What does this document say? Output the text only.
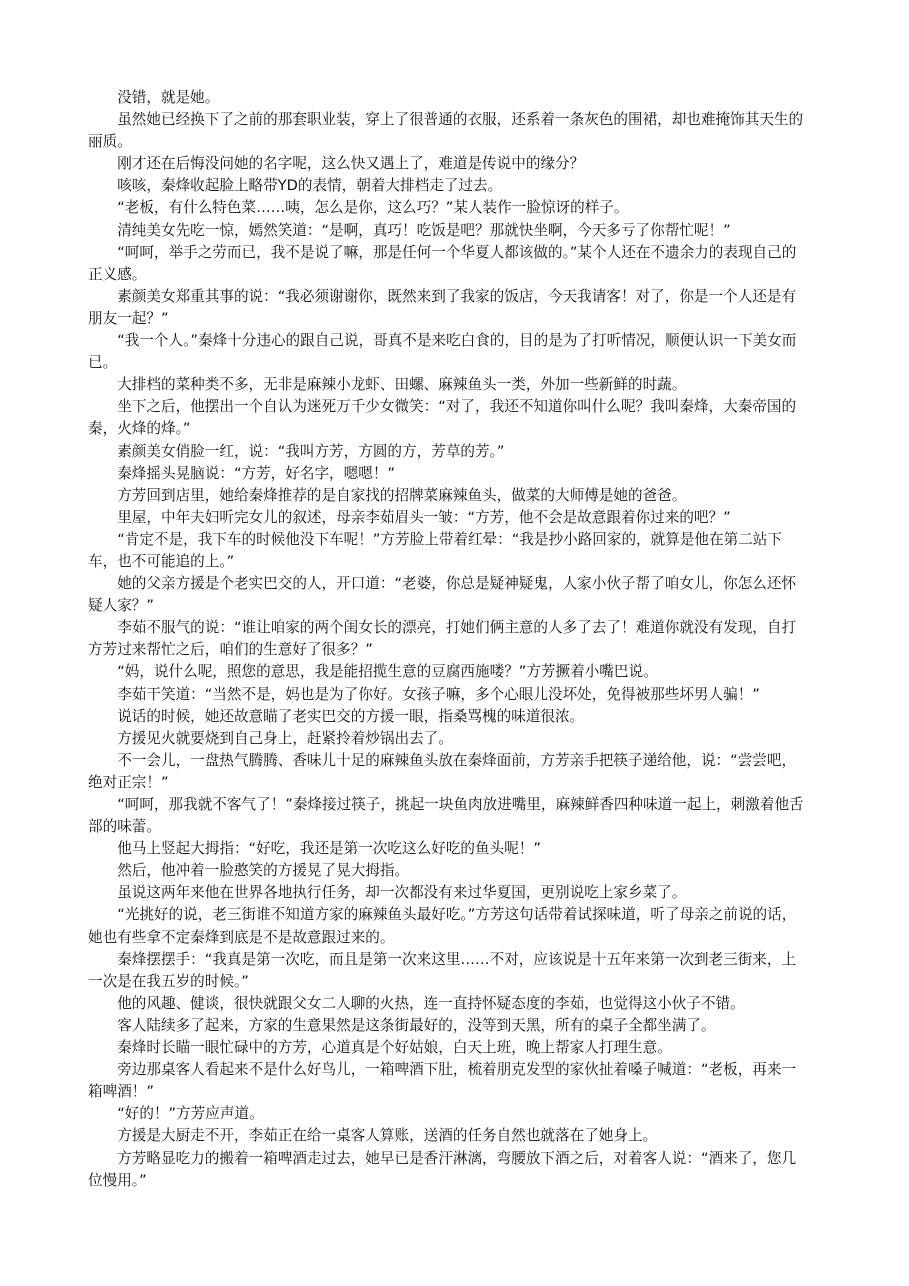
没错，就是她。

虽然她已经换下了之前的那套职业装，穿上了很普通的衣服，还系着一条灰色的围裙，却也难掩饰其天生的丽质。

刚才还在后悔没问她的名字呢，这么快又遇上了，难道是传说中的缘分？

咳咳，秦烽收起脸上略带YD的表情，朝着大排档走了过去。

“老板，有什么特色菜……咦，怎么是你，这么巧？”某人装作一脸惊讶的样子。

清纯美女先吃一惊，嫣然笑道：“是啊，真巧！吃饭是吧？那就快坐啊，今天多亏了你帮忙呢！”

“呵呵，举手之劳而已，我不是说了嘛，那是任何一个华夏人都该做的。”某个人还在不遗余力的表现自己的正义感。

素颜美女郑重其事的说：“我必须谢谢你，既然来到了我家的饭店，今天我请客！对了，你是一个人还是有朋友一起？”

“我一个人。”秦烽十分违心的跟自己说，哥真不是来吃白食的，目的是为了打听情况，顺便认识一下美女而已。

大排档的菜种类不多，无非是麻辣小龙虾、田螺、麻辣鱼头一类，外加一些新鲜的时蔬。

坐下之后，他摆出一个自认为迷死万千少女微笑：“对了，我还不知道你叫什么呢？我叫秦烽，大秦帝国的秦，火烽的烽。”

素颜美女俏脸一红，说：“我叫方芳，方圆的方，芳草的芳。”

秦烽摇头晃脑说：“方芳，好名字，嗯嗯！”

方芳回到店里，她给秦烽推荐的是自家找的招牌菜麻辣鱼头，做菜的大师傅是她的爸爸。

里屋，中年夫妇听完女儿的叙述，母亲李茹眉头一皱：“方芳，他不会是故意跟着你过来的吧？”

“肯定不是，我下车的时候他没下车呢！”方芳脸上带着红晕：“我是抄小路回家的，就算是他在第二站下车，也不可能追的上。”

她的父亲方援是个老实巴交的人，开口道：“老婆，你总是疑神疑鬼，人家小伙子帮了咱女儿，你怎么还怀疑人家？”

李茹不服气的说：“谁让咱家的两个闺女长的漂亮，打她们俩主意的人多了去了！难道你就没有发现，自打方芳过来帮忙之后，咱们的生意好了很多？”

“妈，说什么呢，照您的意思，我是能招揽生意的豆腐西施喽？”方芳撅着小嘴巴说。

李茹干笑道：“当然不是，妈也是为了你好。女孩子嘛，多个心眼儿没坏处，免得被那些坏男人骗！”

说话的时候，她还故意瞄了老实巴交的方援一眼，指桑骂槐的味道很浓。

方援见火就要烧到自己身上，赶紧拎着炒锅出去了。

不一会儿，一盘热气腾腾、香味儿十足的麻辣鱼头放在秦烽面前，方芳亲手把筷子递给他，说：“尝尝吧，绝对正宗！”

“呵呵，那我就不客气了！”秦烽接过筷子，挑起一块鱼肉放进嘴里，麻辣鲜香四种味道一起上，刺激着他舌部的味蕾。

他马上竖起大拇指：“好吃，我还是第一次吃这么好吃的鱼头呢！”

然后，他冲着一脸憨笑的方援晃了晃大拇指。

虽说这两年来他在世界各地执行任务，却一次都没有来过华夏国，更别说吃上家乡菜了。

“光挑好的说，老三街谁不知道方家的麻辣鱼头最好吃。”方芳这句话带着试探味道，听了母亲之前说的话，她也有些拿不定秦烽到底是不是故意跟过来的。

秦烽摆摆手：“我真是第一次吃，而且是第一次来这里……不对，应该说是十五年来第一次到老三街来，上一次是在我五岁的时候。”

他的风趣、健谈，很快就跟父女二人聊的火热，连一直持怀疑态度的李茹，也觉得这小伙子不错。

客人陆续多了起来，方家的生意果然是这条街最好的，没等到天黑，所有的桌子全都坐满了。

秦烽时长瞄一眼忙碌中的方芳，心道真是个好姑娘，白天上班，晚上帮家人打理生意。

旁边那桌客人看起来不是什么好鸟儿，一箱啤酒下肚，梳着朋克发型的家伙扯着嗓子喊道：“老板，再来一箱啤酒！”

“好的！”方芳应声道。

方援是大厨走不开，李茹正在给一桌客人算账，送酒的任务自然也就落在了她身上。

方芳略显吃力的搬着一箱啤酒走过去，她早已是香汗淋漓，弯腰放下酒之后，对着客人说：“酒来了，您几位慢用。”
